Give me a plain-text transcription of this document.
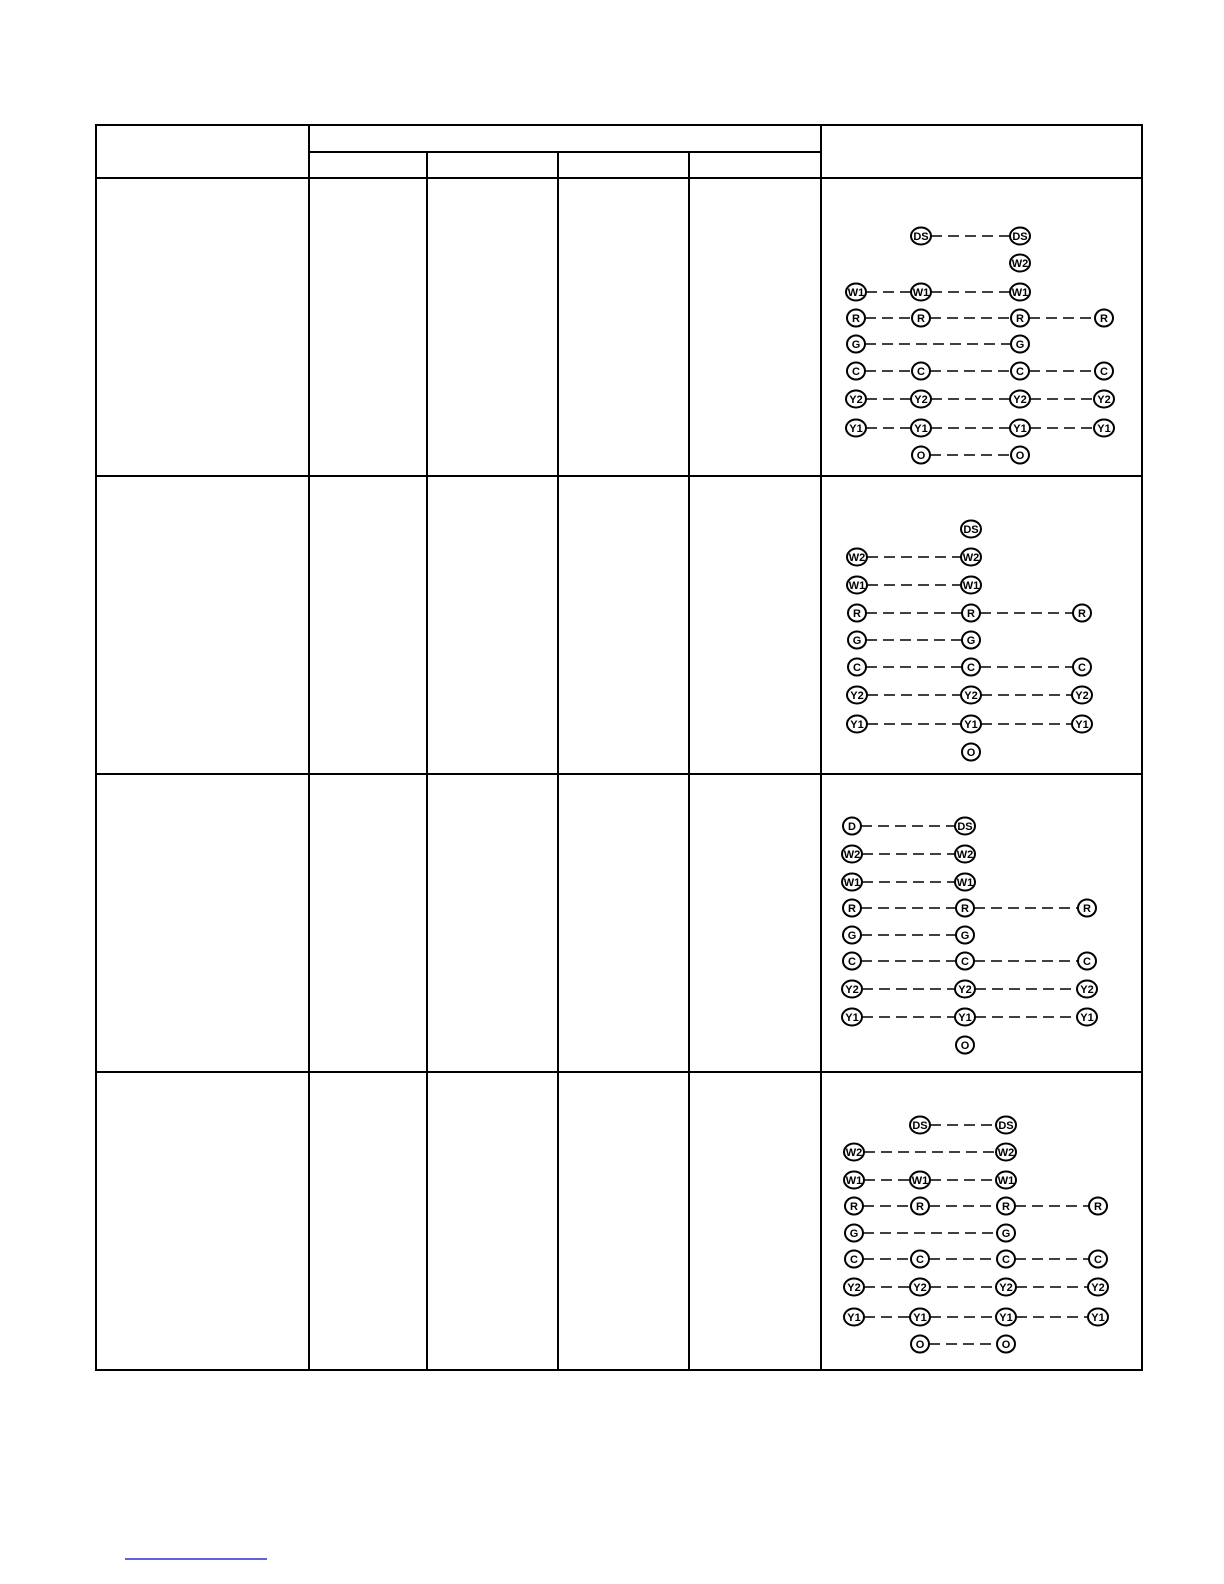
DS	DS
W2
W1	W1	W1
R	R	R	R
G	G
C	C	C	C
Y2	Y2	Y2	Y2
Y1	Y1	Y1	Y1
O	O
DS
W2	W2
W1	W1
R	R	R
G	G
C	C	C
Y2	Y2	Y2
Y1	Y1	Y1
O
D	DS
W2	W2
W1	W1
R	R	R
G	G
C	C	C
Y2	Y2	Y2
Y1	Y1	Y1
O
DS	DS
W2	W2
W1	W1	W1
R	R	R	R
G	G
C	C	C	C
Y2	Y2	Y2	Y2
Y1	Y1	Y1	Y1
O	O
